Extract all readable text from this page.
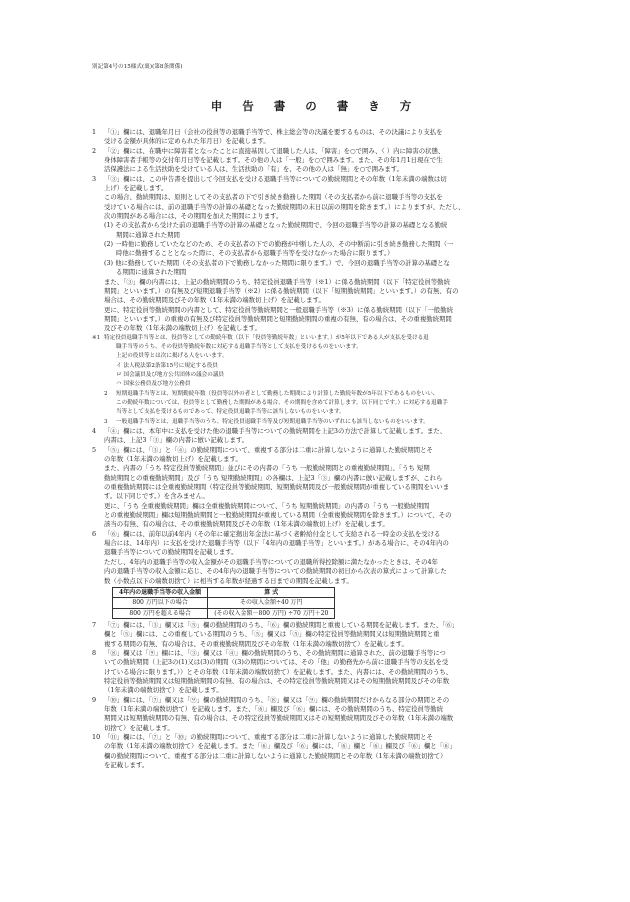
別記第4号の15様式(裏)(第8条関係)
申 告 書 の 書 き 方
1 「①」欄には、退職年月日（会社の役員等の退職手当等で、株主総会等の決議を要するものは、その決議により支払を
受ける金額が具体的に定められた年月日）を記載します。
2 「②」欄には、在職中に障害者となったことに直接基因して退職した人は、「障害」を○で囲み、（ ）内に障害の状態、
身体障害者手帳等の交付年月日等を記載します。その他の人は「一般」を○で囲みます。また、その年1月1日現在で生
活保護法による生活扶助を受けている人は、生活扶助の「有」を、その他の人は「無」を○で囲みます。
3 「③」欄には、この申告書を提出して今回支払を受ける退職手当等についての勤続期間とその年数（1年未満の端数は切
上げ）を記載します。
この場合、勤続期間は、原則としてその支払者の下で引き続き勤務した期間（その支払者から前に退職手当等の支払を
受けている場合には、前の退職手当等の計算の基礎となった勤続期間の末日以前の期間を除きます。）によりますが、ただし、
次の期間がある場合には、その期間を加えた期間によります。
(1) その支払者から受けた前の退職手当等の計算の基礎となった勤続期間で、今回の退職手当等の計算の基礎となる勤続
期間に通算された期間
(2) 一時他に勤務していたなどのため、その支払者の下での勤務が中断した人の、その中断前に引き続き勤務した期間（一
時他に勤務することとなった際に、その支払者から退職手当等を受けなかった場合に限ります。）
(3) 他に勤務していた期間（その支払者の下で勤務しなかった期間に限ります。）で、今回の退職手当等の計算の基礎とな
る期間に通算された期間
また、「③」欄の内書には、上記の勤続期間のうち、特定役員退職手当等（※1）に係る勤続期間（以下「特定役員等勤続
期間」といいます。）の有無及び短期退職手当等（※2）に係る勤続期間（以下「短期勤続期間」といいます。）の有無、有の
場合は、その勤続期間及びその年数（1年未満の端数切上げ）を記載します。
更に、特定役員等勤続期間の内書として、特定役員等勤続期間と一般退職手当等（※3）に係る勤続期間（以下「一般勤続
期間」といいます。）の重複の有無及び特定役員等勤続期間と短期勤続期間の重複の有無、有の場合は、その重複勤続期間
及びその年数（1年未満の端数切上げ）を記載します。
※1 特定役員退職手当等とは、役員等としての勤続年数（以下「役員等勤続年数」といいます。）が5年以下である人が支払を受ける退
職手当等のうち、その役員等勤続年数に対応する退職手当等として支払を受けるものをいいます。
上記の役員等とは次に掲げる人をいいます。
イ 法人税法第2条第15号に規定する役員
ロ 国会議員及び地方公共団体の議会の議員
ハ 国家公務員及び地方公務員
2 短期退職手当等とは、短期勤続年数（役員等以外の者として勤務した期間により計算した勤続年数が5年以下であるものをいい、
この勤続年数については、役員等として勤務した期間がある場合、その期間を含めて計算します。以下同じです。）に対応する退職手
当等として支払を受けるものであって、特定役員退職手当等に該当しないものをいいます。
3 一般退職手当等とは、退職手当等のうち、特定役員退職手当等及び短期退職手当等のいずれにも該当しないものをいいます。
4 「④」欄には、本年中に支払を受けた他の退職手当等についての勤続期間を上記3の方法で計算して記載します。また、
内書は、上記3「③」欄の内書に倣い記載します。
5 「⑤」欄には、「③」と「④」の勤続期間について、重複する部分は二重に計算しないように通算した勤続期間とそ
の年数（1年未満の端数切上げ）を記載します。
また、内書の「うち 特定役員等勤続期間」並びにその内書の「うち 一般勤続期間との重複勤続期間」、「うち 短期
勤続期間との重複勤続期間」及び「うち 短期勤続期間」の各欄は、上記3「③」欄の内書に倣い記載しますが、これら
の重複勤続期間には全重複勤続期間（特定役員等勤続期間、短期勤続期間及び一般勤続期間が重複している期間をいいま
す。以下同じです。）を含みません。
更に、「うち 全重複勤続期間」欄は全重複勤続期間について、「うち 短期勤続期間」の内書の「うち 一般勤続期間
との重複勤続期間」欄は短期勤続期間と一般勤続期間が重複している期間（全重複勤続期間を除きます。）について、その
該当の有無、有の場合は、その重複勤続期間及びその年数（1年未満の端数切上げ）を記載します。
6 「⑥」欄には、前年以前4年内（その年に確定拠出年金法に基づく老齢給付金として支給される一時金の支払を受ける
場合には、14年内）に支払を受けた退職手当等（以下「4年内の退職手当等」といいます。）がある場合に、その4年内の
退職手当等についての勤続期間を記載します。
ただし、4年内の退職手当等の収入金額がその退職手当等についての退職所得控除額に満たなかったときは、その4年
内の退職手当等の収入金額に応じ、その4年内の退職手当等についての勤続期間の初日から次表の算式によって計算した
数（小数点以下の端数切捨て）に相当する年数が経過する日までの期間を記載します。
4年内の退職手当等の収入金額	算 式
800 万円以下の場合	その収入金額÷40 万円
800 万円を超える場合	(その収入金額－800 万円) ÷70 万円＋20
7 「⑦」欄には、「③」欄又は「⑤」欄の勤続期間のうち、「⑥」欄の勤続期間と重複している期間を記載します。また、「⑥」
欄と「⑤」欄には、この重複している期間のうち、「⑤」欄又は「⑤」欄の特定役員等勤続期間又は短期勤続期間と重
複する期間の有無、有の場合は、その重複勤続期間及びその年数（1年未満の端数切捨て）を記載します。
8 「⑧」欄又は「⑨」欄には、「③」欄又は「④」欄の勤続期間のうち、その勤続期間に通算された、前の退職手当等につ
いての勤続期間（上記3の(1)又は(3)の期間（(3)の期間については、その「他」の勤務先から前に退職手当等の支払を受
けている場合に限ります。））とその年数（1年未満の端数切捨て）を記載します。また、内書には、その勤続期間のうち、
特定役員等勤続期間又は短期勤続期間の有無、有の場合は、その特定役員等勤続期間又はその短期勤続期間及びその年数
（1年未満の端数切捨て）を記載します。
9 「⑩」欄には、「⑦」欄又は「⑨」欄の勤続期間のうち、「⑧」欄又は「⑨」欄の勤続期間だけからなる部分の期間とその
年数（1年未満の端数切捨て）を記載します。また、「⑥」欄及び「⑥」欄には、その勤続期間のうち、特定役員等勤続
期間又は短期勤続期間の有無、有の場合は、その特定役員等勤続期間又はその短期勤続期間及びその年数（1年未満の端数
切捨て）を記載します。
10 「⑪」欄には、「⑦」と「⑩」の勤続期間について、重複する部分は二重に計算しないように通算した勤続期間とそ
の年数（1年未満の端数切捨て）を記載します。また「⑥」欄及び「⑥」欄には、「⑥」欄と「⑥」欄及び「⑥」欄と「⑥」
欄の勤続期間について、重複する部分は二重に計算しないように通算した勤続期間とその年数（1年未満の端数切捨て）
を記載します。
